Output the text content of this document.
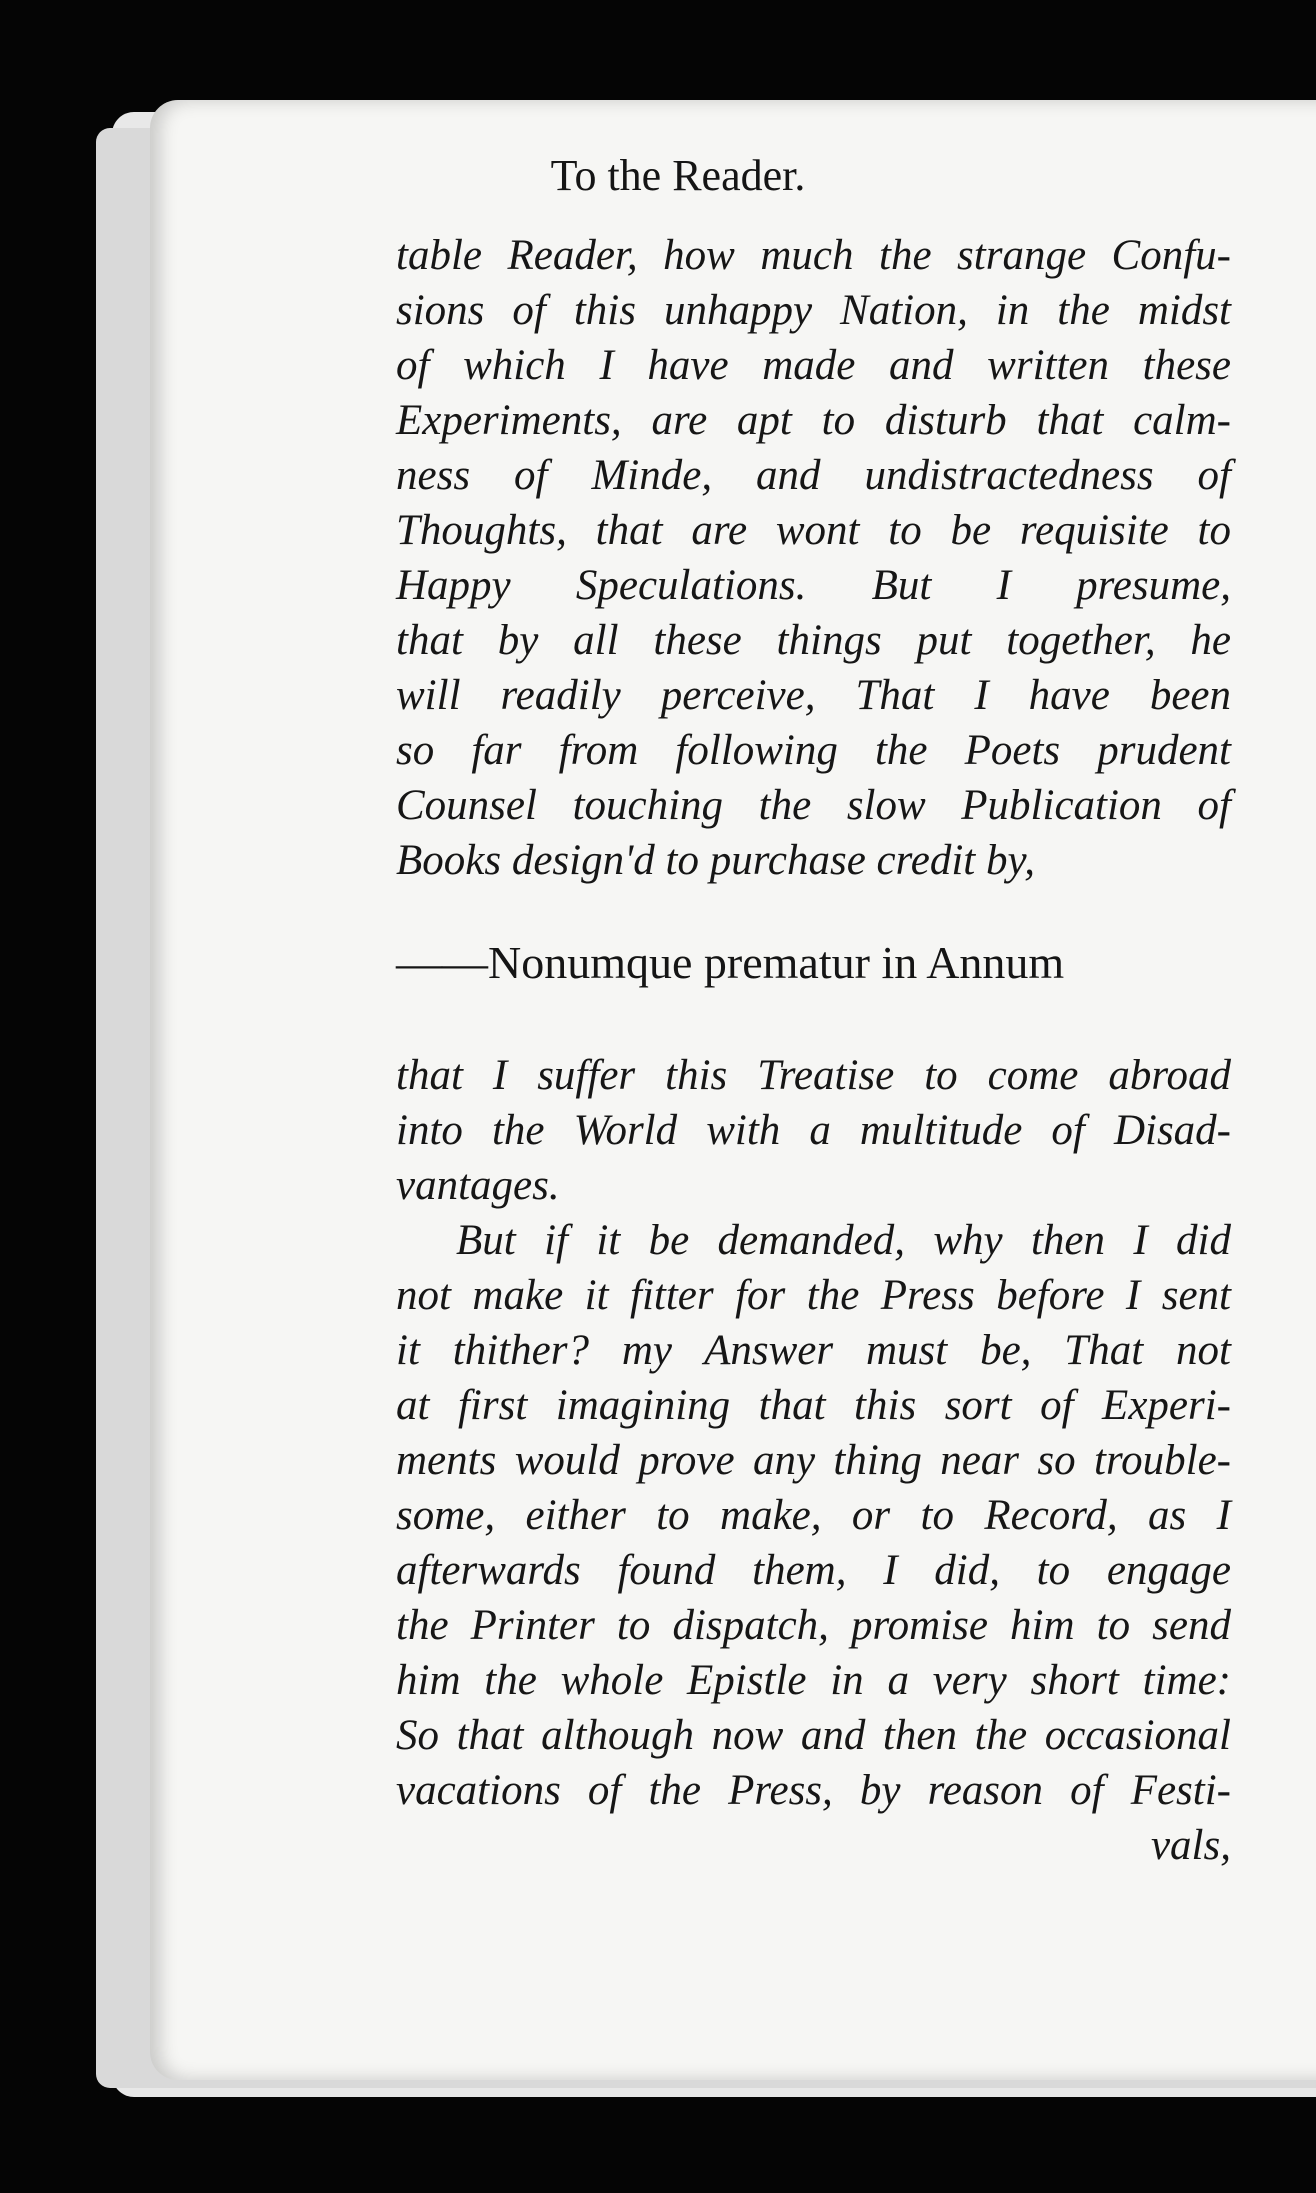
To the Reader.
table Reader, how much the strange Confu-
sions of this unhappy Nation, in the midst
of which I have made and written these
Experiments, are apt to disturb that calm-
ness of Minde, and undistractedness of
Thoughts, that are wont to be requisite to
Happy Speculations. But I presume,
that by all these things put together, he
will readily perceive, That I have been
so far from following the Poets prudent
Counsel touching the slow Publication of
Books design'd to purchase credit by,
——Nonumque prematur in Annum
that I suffer this Treatise to come abroad
into the World with a multitude of Disad-
vantages.
But if it be demanded, why then I did
not make it fitter for the Press before I sent
it thither? my Answer must be, That not
at first imagining that this sort of Experi-
ments would prove any thing near so trouble-
some, either to make, or to Record, as I
afterwards found them, I did, to engage
the Printer to dispatch, promise him to send
him the whole Epistle in a very short time:
So that although now and then the occasional
vacations of the Press, by reason of Festi-
vals,
